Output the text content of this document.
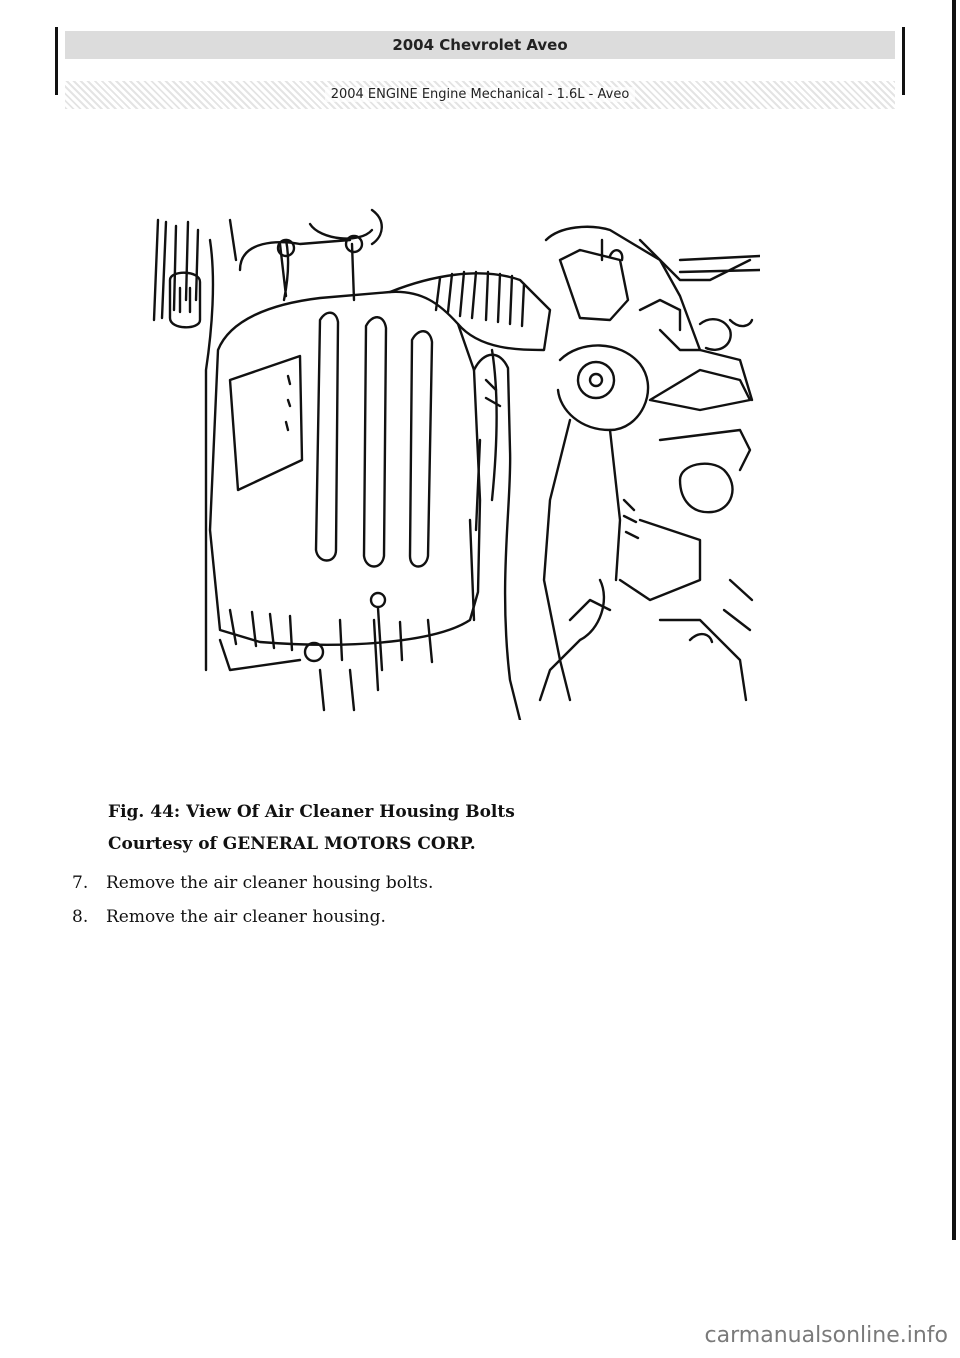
2004 Chevrolet Aveo
2004 ENGINE Engine Mechanical - 1.6L - Aveo
Fig. 44: View Of Air Cleaner Housing Bolts
Courtesy of GENERAL MOTORS CORP.
7.	Remove the air cleaner housing bolts.
8.	Remove the air cleaner housing.
carmanualsonline.info
